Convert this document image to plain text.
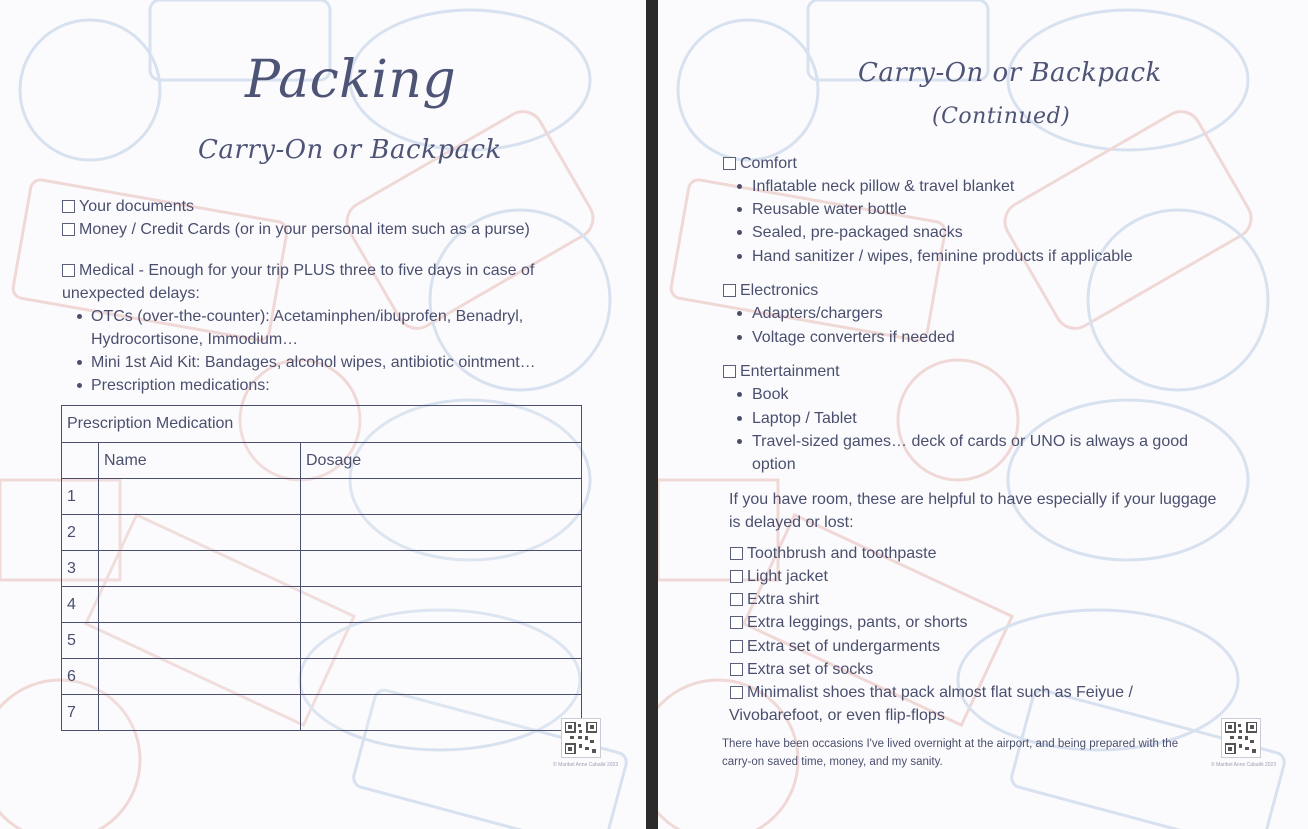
Packing
Carry-On or Backpack
Your documents
Money / Credit Cards (or in your personal item such as a purse)
Medical - Enough for your trip PLUS three to five days in case of
unexpected delays:
OTCs (over-the-counter): Acetaminphen/ibuprofen, Benadryl,
Hydrocortisone, Immodium…
Mini 1st Aid Kit: Bandages, alcohol wipes, antibiotic ointment…
Prescription medications:
Prescription Medication		
	Name	Dosage
1		
2		
3		
4		
5		
6		
7		
© Maribel Anne Caballé 2023
Carry-On or Backpack
(Continued)
Comfort
Inflatable neck pillow & travel blanket
Reusable water bottle
Sealed, pre-packaged snacks
Hand sanitizer / wipes, feminine products if applicable
Electronics
Adapters/chargers
Voltage converters if needed
Entertainment
Book
Laptop / Tablet
Travel-sized games… deck of cards or UNO is always a good
option
If you have room, these are helpful to have especially if your luggage
is delayed or lost:
Toothbrush and toothpaste
Light jacket
Extra shirt
Extra leggings, pants, or shorts
Extra set of undergarments
Extra set of socks
Minimalist shoes that pack almost flat such as Feiyue /
Vivobarefoot, or even flip-flops
There have been occasions I've lived overnight at the airport, and being prepared with the
carry-on saved time, money, and my sanity.	© Maribel Anne Caballé 2023
